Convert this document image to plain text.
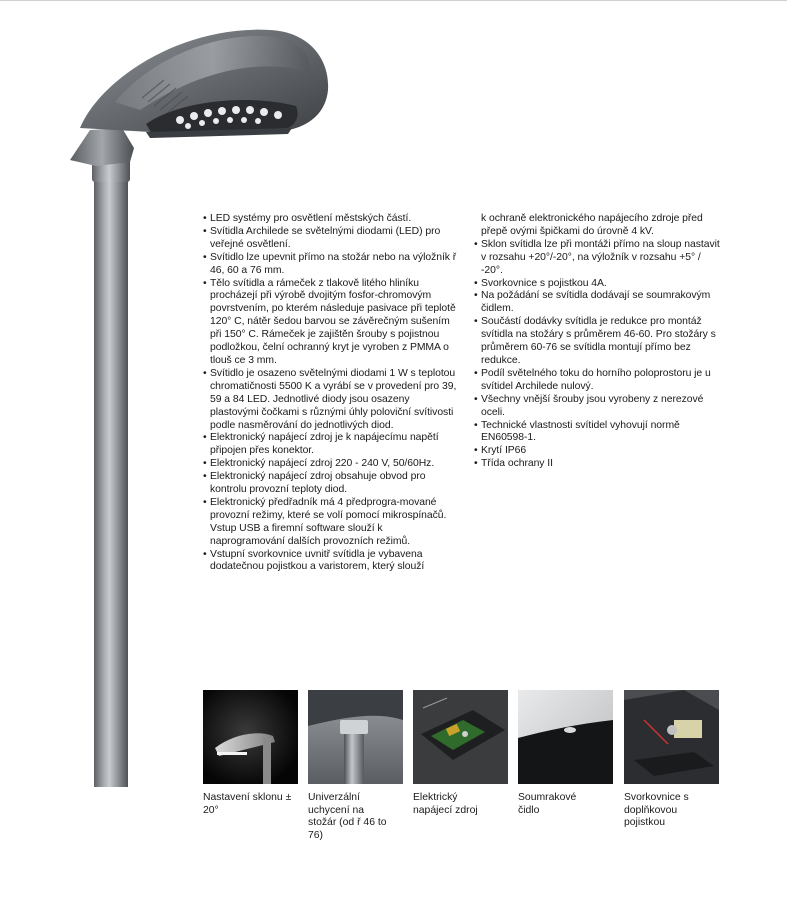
• LED systémy pro osvětlení městských částí.
• Svítidla Archilede se světelnými diodami (LED) pro veřejné osvětlení.
• Svítidlo lze upevnit přímo na stožár nebo na výložník ř 46, 60 a 76 mm.
• Tělo svítidla a rámeček z tlakově litého hliníku procházejí při výrobě dvojitým fosfor-chromovým povrstvením, po kterém následuje pasivace při teplotě 120° C, nátěr šedou barvou se závěrečným sušením při 150° C. Rámeček je zajištěn šrouby s pojistnou podložkou, čelní ochranný kryt je vyroben z PMMA o tlouš ce 3 mm.
• Svítidlo je osazeno světelnými diodami 1 W s teplotou chromatičnosti 5500 K a vyrábí se v provedení pro 39, 59 a 84 LED. Jednotlivé diody jsou osazeny plastovými čočkami s různými úhly poloviční svítivosti podle nasměrování do jednotlivých diod.
• Elektronický napájecí zdroj je k napájecímu napětí připojen přes konektor.
• Elektronický napájecí zdroj 220 - 240 V, 50/60Hz.
• Elektronický napájecí zdroj obsahuje obvod pro kontrolu provozní teploty diod.
• Elektronický předřadník má 4 předprogra-mované provozní režimy, které se volí pomocí mikrospínačů. Vstup USB a firemní software slouží k naprogramování dalších provozních režimů.
• Vstupní svorkovnice uvnitř svítidla je vybavena dodatečnou pojistkou a varistorem, který slouží
k ochraně elektronického napájecího zdroje před přepě ovými špičkami do úrovně 4 kV.
• Sklon svítidla lze při montáži přímo na sloup nastavit v rozsahu +20°/-20°, na výložník v rozsahu +5° / -20°.
• Svorkovnice s pojistkou 4A.
• Na požádání se svítidla dodávají se soumrakovým čidlem.
• Součástí dodávky svítidla je redukce pro montáž svítidla na stožáry s průměrem 46-60. Pro stožáry s průměrem 60-76 se svítidla montují přímo bez redukce.
• Podíl světelného toku do horního poloprostoru je u svítidel Archilede nulový.
• Všechny vnější šrouby jsou vyrobeny z nerezové oceli.
• Technické vlastnosti svítidel vyhovují normě EN60598-1.
• Krytí IP66
• Třída ochrany II
Nastavení sklonu ± 20°
Univerzální uchycení na stožár (od ř 46 to 76)
Elektrický napájecí zdroj
Soumrakové čidlo
Svorkovnice s doplňkovou pojistkou
